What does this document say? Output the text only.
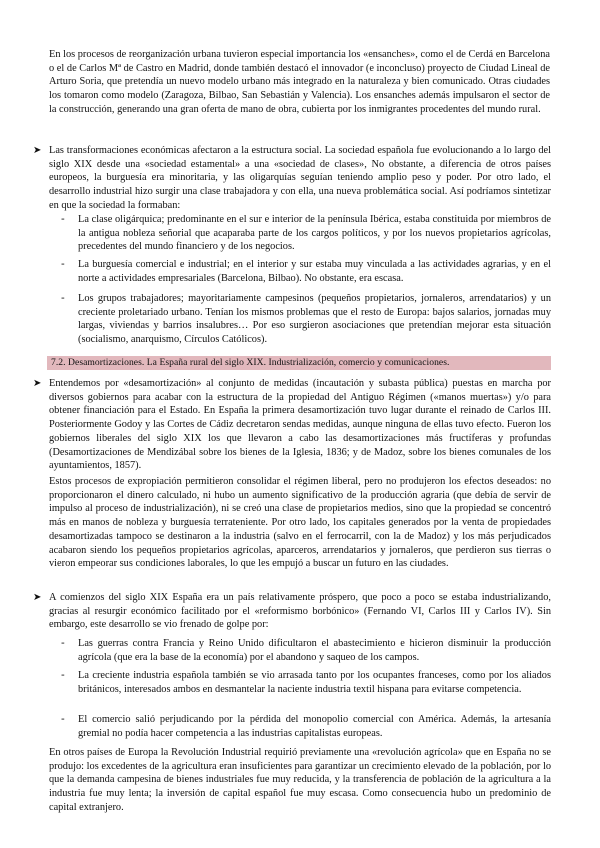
En los procesos de reorganización urbana tuvieron especial importancia los «ensanches», como el de Cerdá en Barcelona o el de Carlos Mª de Castro en Madrid, donde también destacó el innovador (e inconcluso) proyecto de Ciudad Lineal de Arturo Soria, que pretendía un nuevo modelo urbano más integrado en la naturaleza y bien comunicado. Otras ciudades los tomaron como modelo (Zaragoza, Bilbao, San Sebastián y Valencia). Los ensanches además impulsaron el sector de la construcción, generando una gran oferta de mano de obra, cubierta por los inmigrantes procedentes del mundo rural.

➤ Las transformaciones económicas afectaron a la estructura social. La sociedad española fue evolucionando a lo largo del siglo XIX desde una «sociedad estamental» a una «sociedad de clases», No obstante, a diferencia de otros países europeos, la burguesía era minoritaria, y las oligarquías seguían teniendo amplio peso y poder. Por otro lado, el desarrollo industrial hizo surgir una clase trabajadora y con ella, una nueva problemática social. Así podríamos sintetizar en que la sociedad la formaban:

- La clase oligárquica; predominante en el sur e interior de la península Ibérica, estaba constituida por miembros de la antigua nobleza señorial que acaparaba parte de los cargos políticos, y por los nuevos propietarios agrícolas, precedentes del mundo financiero y de los negocios.

- La burguesía comercial e industrial; en el interior y sur estaba muy vinculada a las actividades agrarias, y en el norte a actividades empresariales (Barcelona, Bilbao). No obstante, era escasa.

- Los grupos trabajadores; mayoritariamente campesinos (pequeños propietarios, jornaleros, arrendatarios) y un creciente proletariado urbano. Tenían los mismos problemas que el resto de Europa: bajos salarios, jornadas muy largas, viviendas y barrios insalubres… Por eso surgieron asociaciones que pretendían mejorar esta situación (socialismo, anarquismo, Círculos Católicos).

7.2. Desamortizaciones. La España rural del siglo XIX. Industrialización, comercio y comunicaciones.
➤ Entendemos por «desamortización» al conjunto de medidas (incautación y subasta pública) puestas en marcha por diversos gobiernos para acabar con la estructura de la propiedad del Antiguo Régimen («manos muertas») y/o para obtener financiación para el Estado. En España la primera desamortización tuvo lugar durante el reinado de Carlos III. Posteriormente Godoy y las Cortes de Cádiz decretaron sendas medidas, aunque ninguna de ellas tuvo efecto. Fueron los gobiernos liberales del siglo XIX los que llevaron a cabo las desamortizaciones más fructíferas y profundas (Desamortizaciones de Mendizábal sobre los bienes de la Iglesia, 1836; y de Madoz, sobre los bienes comunales de los ayuntamientos, 1857).

Estos procesos de expropiación permitieron consolidar el régimen liberal, pero no produjeron los efectos deseados: no proporcionaron el dinero calculado, ni hubo un aumento significativo de la producción agraria (que debía de servir de impulso al proceso de industrialización), ni se creó una clase de propietarios medios, sino que la propiedad se concentró más en manos de nobleza y burguesía terrateniente. Por otro lado, los capitales generados por la venta de propiedades desamortizadas tampoco se destinaron a la industria (salvo en el ferrocarril, con la de Madoz) y los más perjudicados acabaron siendo los pequeños propietarios agrícolas, aparceros, arrendatarios y jornaleros, que perdieron sus tierras o vieron empeorar sus condiciones laborales, lo que les empujó a buscar un futuro en las ciudades.

➤ A comienzos del siglo XIX España era un país relativamente próspero, que poco a poco se estaba industrializando, gracias al resurgir económico facilitado por el «reformismo borbónico» (Fernando VI, Carlos III y Carlos IV). Sin embargo, este desarrollo se vio frenado de golpe por:

- Las guerras contra Francia y Reino Unido dificultaron el abastecimiento e hicieron disminuir la producción agrícola (que era la base de la economía) por el abandono y saqueo de los campos.

- La creciente industria española también se vio arrasada tanto por los ocupantes franceses, como por los aliados británicos, interesados ambos en desmantelar la naciente industria textil hispana para evitarse competencia.

- El comercio salió perjudicando por la pérdida del monopolio comercial con América. Además, la artesanía gremial no podía hacer competencia a las industrias capitalistas europeas.

En otros países de Europa la Revolución Industrial requirió previamente una «revolución agrícola» que en España no se produjo: los excedentes de la agricultura eran insuficientes para garantizar un crecimiento elevado de la población, por lo que la demanda campesina de bienes industriales fue muy reducida, y la transferencia de población de la agricultura a la industria fue muy lenta; la inversión de capital español fue muy escasa. Como consecuencia hubo un predominio de capital extranjero.
